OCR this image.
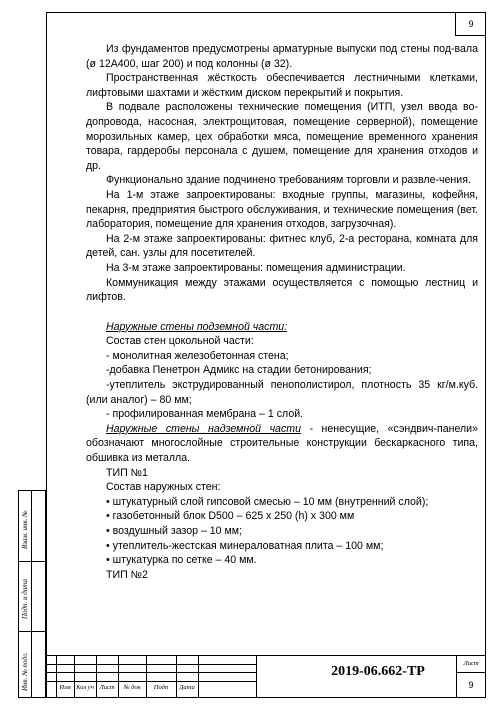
9

Из фундаментов предусмотрены арматурные выпуски под стены под-вала (ø 12А400, шаг 200) и под колонны (ø 32).

Пространственная жёсткость обеспечивается лестничными клетками, лифтовыми шахтами и жёстким диском перекрытий и покрытия.

В подвале расположены технические помещения (ИТП, узел ввода во-допровода, насосная, электрощитовая, помещение серверной), помещение морозильных камер, цех обработки мяса, помещение временного хранения товара, гардеробы персонала с душем, помещение для хранения отходов и др.

Функционально здание подчинено требованиям торговли и развле-чения.

На 1-м этаже запроектированы: входные группы, магазины, кофейня, пекарня, предприятия быстрого обслуживания, и технические помещения (вет. лаборатория, помещение для хранения отходов, загрузочная).

На 2-м этаже запроектированы: фитнес клуб, 2-а ресторана, комната для детей, сан. узлы для посетителей.

На 3-м этаже запроектированы: помещения администрации.

Коммуникация между этажами осуществляется с помощью лестниц и лифтов.

Наружные стены подземной части:

Состав стен цокольной части:

- монолитная железобетонная стена;

-добавка Пенетрон Адмикс на стадии бетонирования;

-утеплитель экструдированный пенополистирол, плотность 35 кг/м.куб. (или аналог) – 80 мм;

- профилированная мембрана – 1 слой.

Наружные стены надземной части - ненесущие, «сэндвич-панели» обозначают многослойные строительные конструкции бескаркасного типа, обшивка из металла.

ТИП №1

Состав наружных стен:

• штукатурный слой гипсовой смесью – 10 мм (внутренний слой);

• газобетонный блок D500 – 625 х 250 (h) х 300 мм

• воздушный зазор – 10 мм;

• утеплитель-жестская минераловатная плита – 100 мм;

• штукатурка по сетке – 40 мм.

ТИП №2

Взам. инв. №
Подп. и дата
Инв. № подл.	Изм Кол уч Лист	№ док	Подп	Дата
2019-06.662-ТР
Лист
9
